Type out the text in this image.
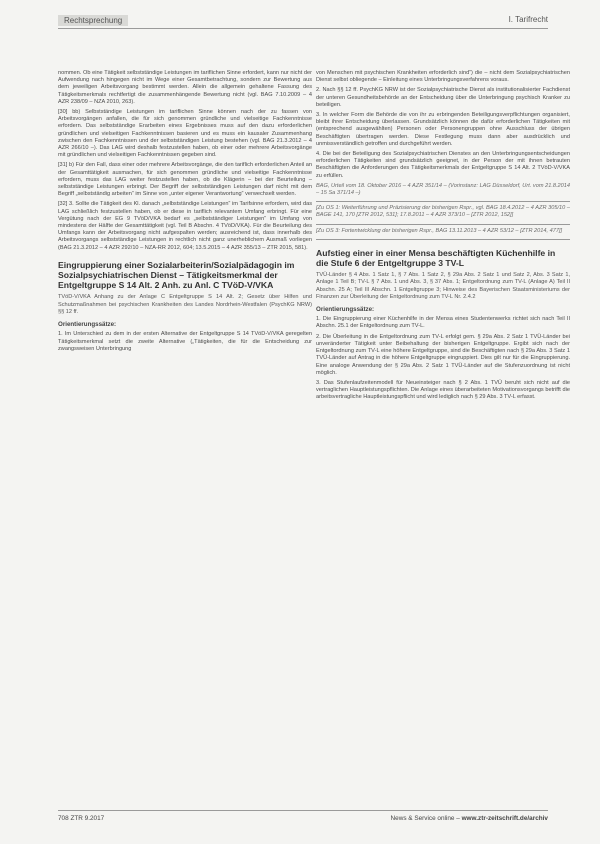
Rechtsprechung	I. Tarifrecht

nommen. Ob eine Tätigkeit selbstständige Leistungen im tariflichen Sinne erfordert, kann nur nicht der Aufwendung nach hingegen nicht im Wege einer Gesamtbetrachtung, sondern zur Bewertung aus dem jeweiligen Arbeitsvorgang bestimmt werden. Allein die allgemein gehaltene Fassung des Tätigkeitsmerkmals rechtfertigt die zusammenhängende Bewertung nicht (vgl. BAG 7.10.2009 – 4 AZR 238/09 – NZA 2010, 263).

[30] bb) Selbstständige Leistungen im tariflichen Sinne können nach der zu fassen von Arbeitsvorgängen anfallen, die für sich genommen gründliche und vielseitige Fachkenntnisse erfordern. Das selbstständige Erarbeiten eines Ergebnisses muss auf den dazu erforderlichen gründlichen und vielseitigen Fachkenntnissen basieren und es muss ein kausaler Zusammenhang zwischen den Fachkenntnissen und der selbstständigen Leistung bestehen (vgl. BAG 21.3.2012 – 4 AZR 266/10 –). Das LAG wird deshalb festzustellen haben, ob einer oder mehrere Arbeitsvorgänge mit gründlichen und vielseitigen Fachkenntnissen gegeben sind.

[31] b) Für den Fall, dass einer oder mehrere Arbeitsvorgänge, die den tariflich erforderlichen Anteil an der Gesamttätigkeit ausmachen, für sich genommen gründliche und vielseitige Fachkenntnisse erfordern, muss das LAG weiter festzustellen haben, ob die Klägerin – bei der Beurteilung – selbstständige Leistungen erbringt. Der Begriff der selbstständigen Leistungen darf nicht mit dem Begriff „selbstständig arbeiten“ im Sinne von „unter eigener Verantwortung“ verwechselt werden.

[32] 3. Sollte die Tätigkeit des Kl. danach „selbstständige Leistungen“ im Tarifsinne erfordern, wird das LAG schließlich festzustellen haben, ob er diese in tariflich relevantem Umfang erbringt. Für eine Vergütung nach der EG 9 TVöD/VKA bedarf es „selbstständiger Leistungen“ im Umfang von mindestens der Hälfte der Gesamttätigkeit (vgl. Teil B Abschn. 4 TVöD/VKA). Für die Beurteilung des Umfangs kann der Arbeitsvorgang nicht aufgespalten werden; ausreichend ist, dass innerhalb des Arbeitsvorgangs selbstständige Leistungen in rechtlich nicht ganz unerheblichem Ausmaß vorliegen (BAG 21.3.2012 – 4 AZR 292/10 – NZA-RR 2012, 604; 13.5.2015 – 4 AZR 355/13 – ZTR 2015, 581).

Eingruppierung einer Sozialarbeiterin/Sozialpädagogin im Sozialpsychiatrischen Dienst – Tätigkeitsmerkmal der Entgeltgruppe S 14 Alt. 2 Anh. zu Anl. C TVöD-V/VKA

TVöD-V/VKA Anhang zu der Anlage C Entgeltgruppe S 14 Alt. 2; Gesetz über Hilfen und Schutzmaßnahmen bei psychischen Krankheiten des Landes Nordrhein-Westfalen (PsychKG NRW) §§ 12 ff.

Orientierungssätze:

1. Im Unterschied zu dem in der ersten Alternative der Entgeltgruppe S 14 TVöD-V/VKA geregelten Tätigkeitsmerkmal setzt die zweite Alternative („Tätigkeiten, die für die Entscheidung zur zwangsweisen Unterbringung

von Menschen mit psychischen Krankheiten erforderlich sind“) die – nicht dem Sozialpsychiatrischen Dienst selbst obliegende – Einleitung eines Unterbringungsverfahrens voraus.

2. Nach §§ 12 ff. PsychKG NRW ist der Sozialpsychiatrische Dienst als institutionalisierter Fachdienst der unteren Gesundheitsbehörde an der Entscheidung über die Unterbringung psychisch Kranker zu beteiligen.

3. In welcher Form die Behörde die von ihr zu erbringenden Beteiligungsverpflichtungen organisiert, bleibt ihrer Entscheidung überlassen. Grundsätzlich können die dafür erforderlichen Tätigkeiten mit (entsprechend ausgewählten) Personen oder Personengruppen ohne Ausschluss der übrigen Beschäftigten übertragen werden. Diese Festlegung muss dann aber ausdrücklich und unmissverständlich getroffen und durchgeführt werden.

4. Die bei der Beteiligung des Sozialpsychiatrischen Dienstes an den Unterbringungsentscheidungen erforderlichen Tätigkeiten sind grundsätzlich geeignet, in der Person der mit ihnen betrauten Beschäftigten die Anforderungen des Tätigkeitsmerkmals der Entgeltgruppe S 14 Alt. 2 TVöD-V/VKA zu erfüllen.

BAG, Urteil vom 18. Oktober 2016 – 4 AZR 351/14 – (Vorinstanz: LAG Düsseldorf, Urt. vom 21.8.2014 – 15 Sa 371/14 –)

[Zu OS 1: Weiterführung und Präzisierung der bisherigen Rspr., vgl. BAG 18.4.2012 – 4 AZR 305/10 – BAGE 141, 170 [ZTR 2012, 531]; 17.8.2011 – 4 AZR 373/10 – [ZTR 2012, 152]]

[Zu OS 3: Fortentwicklung der bisherigen Rspr., BAG 13.11.2013 – 4 AZR 53/12 – [ZTR 2014, 477]]

Aufstieg einer in einer Mensa beschäftigten Küchenhilfe in die Stufe 6 der Entgeltgruppe 3 TV-L

TVÜ-Länder § 4 Abs. 1 Satz 1, § 7 Abs. 1 Satz 2, § 29a Abs. 2 Satz 1 und Satz 2, Abs. 3 Satz 1, Anlage 1 Teil B; TV-L § 7 Abs. 1 und Abs. 3, § 37 Abs. 1; Entgeltordnung zum TV-L (Anlage A) Teil II Abschn. 25 A; Teil III Abschn. 1 Entgeltgruppe 3; Hinweise des Bayerischen Staatsministeriums der Finanzen zur Überleitung der Entgeltordnung zum TV-L Nr. 2.4.2

Orientierungssätze:

1. Die Eingruppierung einer Küchenhilfe in der Mensa eines Studentenwerks richtet sich nach Teil II Abschn. 25.1 der Entgeltordnung zum TV-L.

2. Die Überleitung in die Entgeltordnung zum TV-L erfolgt gem. § 29a Abs. 2 Satz 1 TVÜ-Länder bei unveränderter Tätigkeit unter Beibehaltung der bisherigen Entgeltgruppe. Ergibt sich nach der Entgeltordnung zum TV-L eine höhere Entgeltgruppe, sind die Beschäftigten nach § 29a Abs. 3 Satz 1 TVÜ-Länder auf Antrag in die höhere Entgeltgruppe eingruppiert. Dies gilt nur für die Eingruppierung. Eine analoge Anwendung der § 29a Abs. 2 Satz 1 TVÜ-Länder auf die Stufenzuordnung ist nicht möglich.

3. Das Stufenlaufzeitenmodell für Neueinsteiger nach § 2 Abs. 1 TVÜ beruht sich nicht auf die vertraglichen Hauptleistungspflichten. Die Anlage eines überarbeiteten Motivationsvorgangs betrifft die arbeitsvertragliche Hauptleistungspflicht und wird lediglich nach § 29 Abs. 3 TV-L erfasst.

708 ZTR 9.2017	News & Service online – www.ztr-zeitschrift.de/archiv
